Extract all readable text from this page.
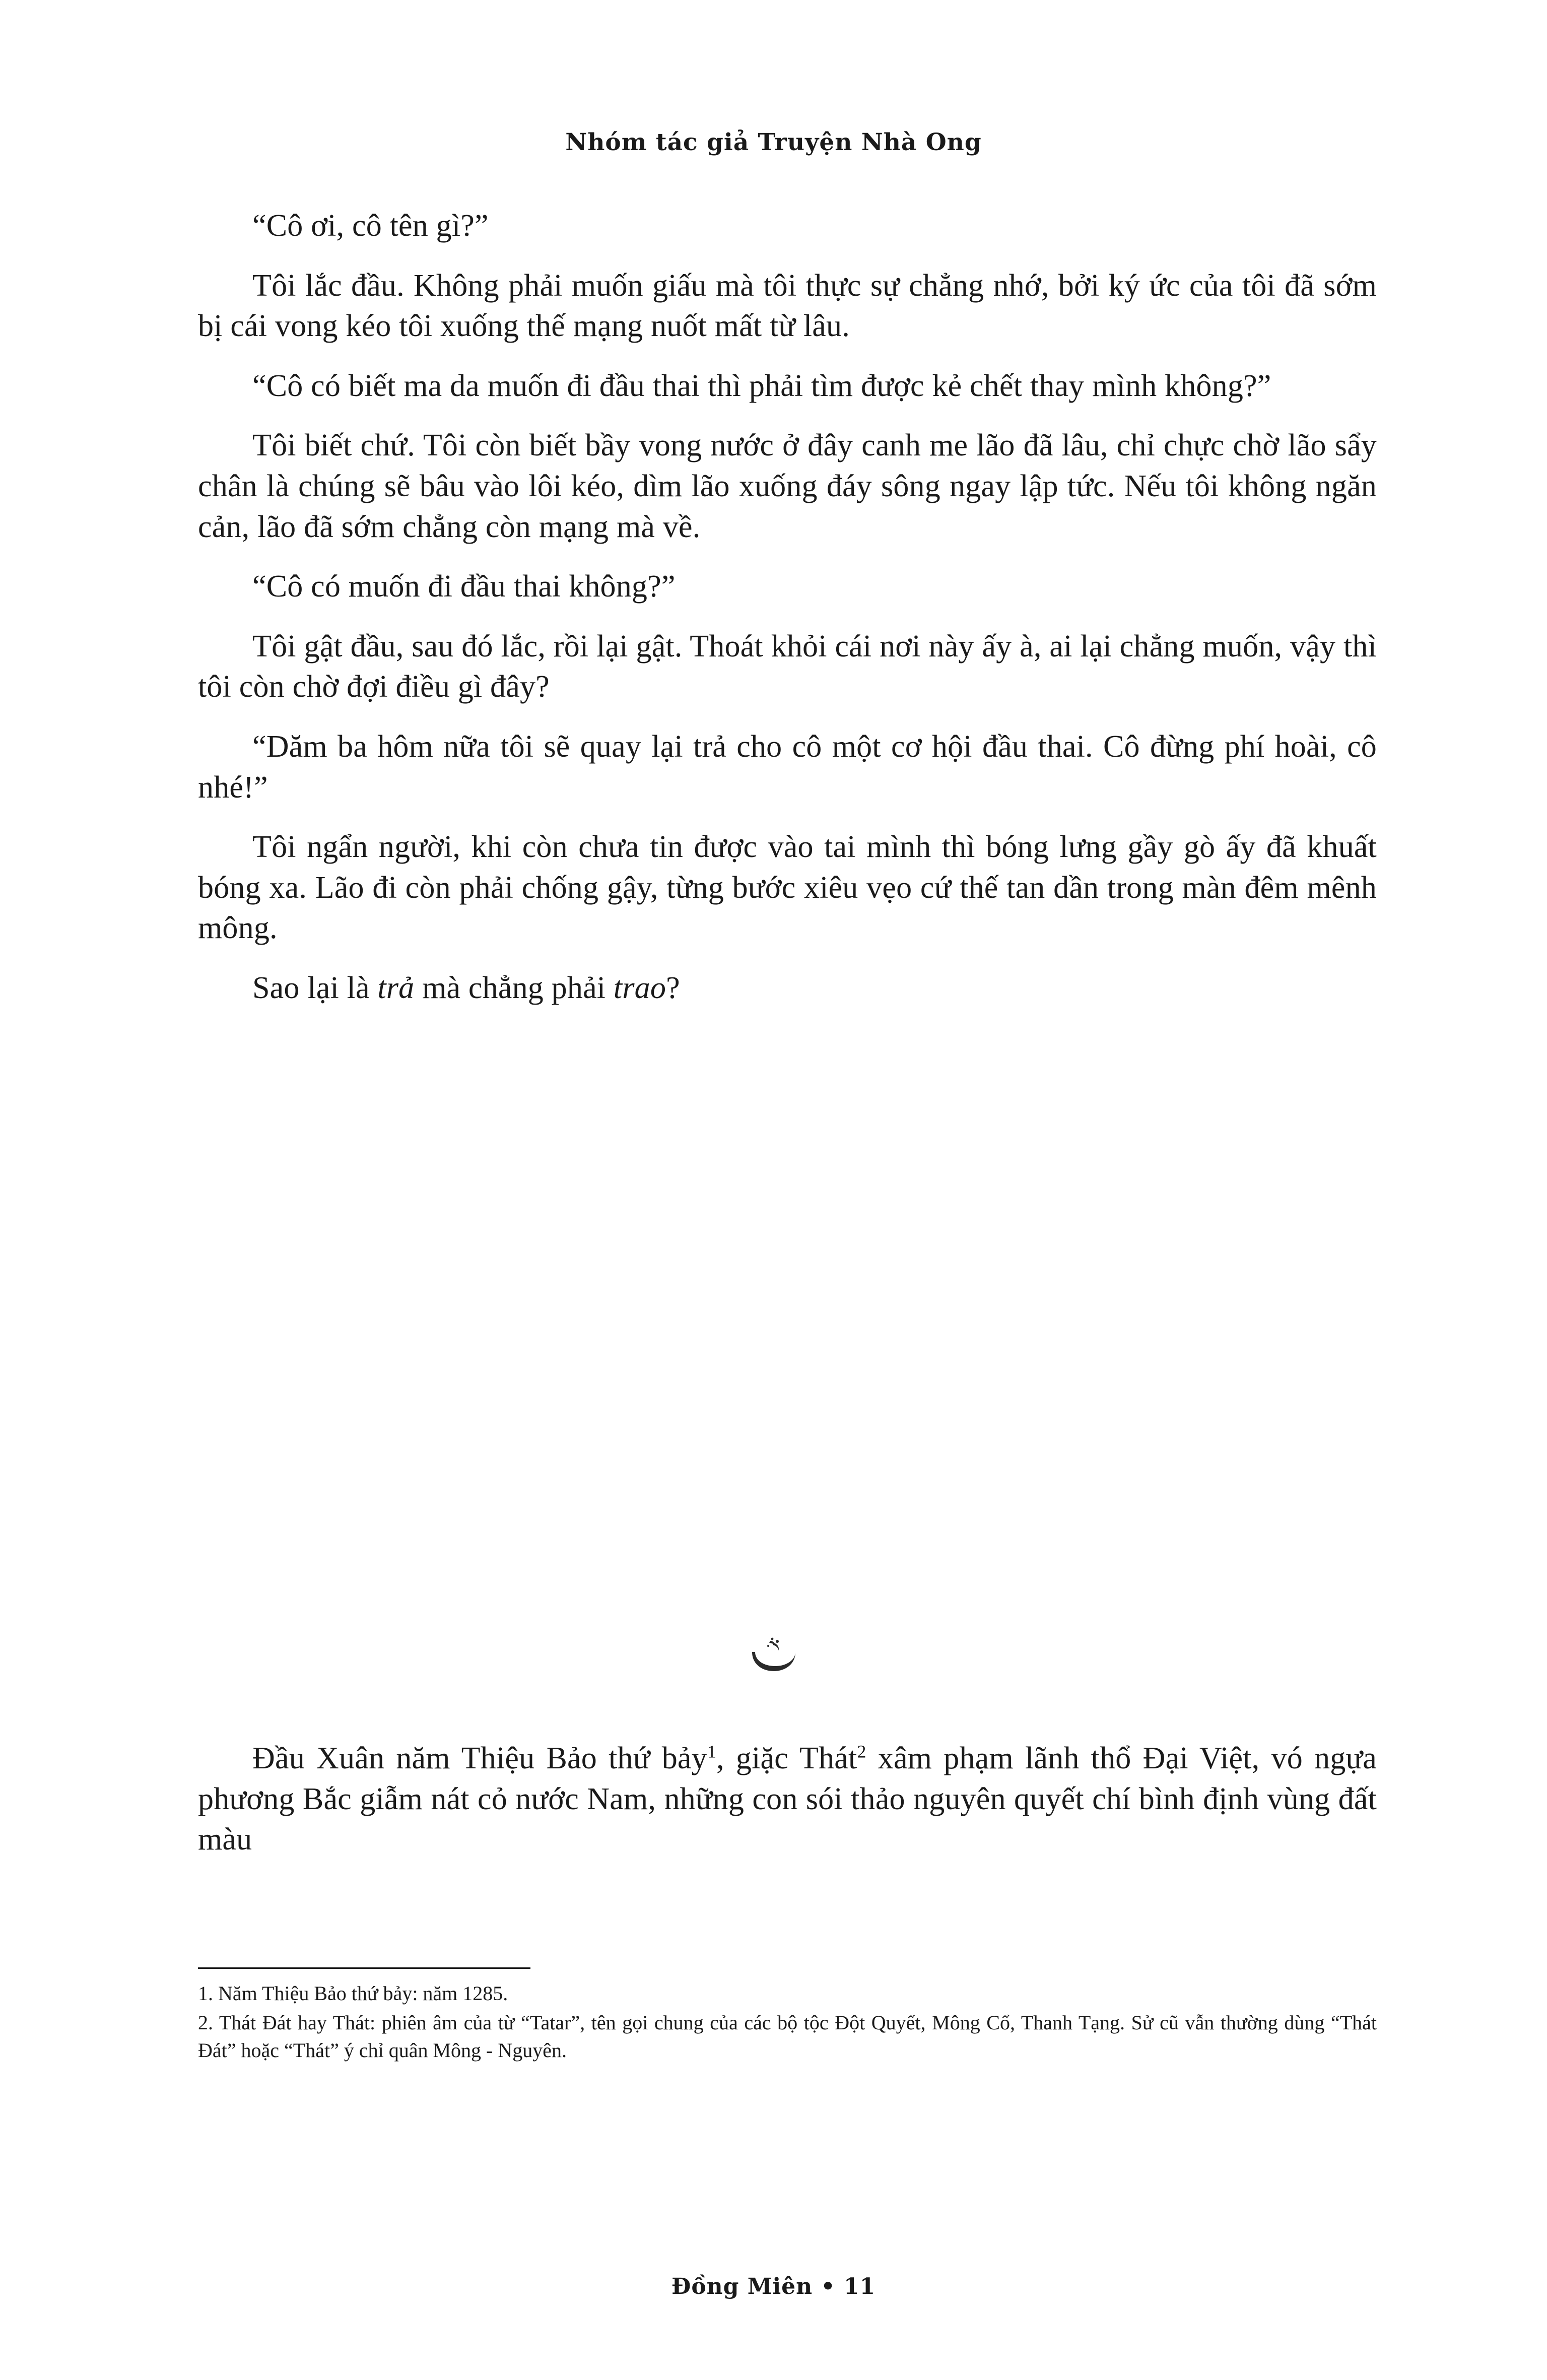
Nhóm tác giả Truyện Nhà Ong

“Cô ơi, cô tên gì?”

Tôi lắc đầu. Không phải muốn giấu mà tôi thực sự chẳng nhớ, bởi ký ức của tôi đã sớm bị cái vong kéo tôi xuống thế mạng nuốt mất từ lâu.

“Cô có biết ma da muốn đi đầu thai thì phải tìm được kẻ chết thay mình không?”

Tôi biết chứ. Tôi còn biết bầy vong nước ở đây canh me lão đã lâu, chỉ chực chờ lão sẩy chân là chúng sẽ bâu vào lôi kéo, dìm lão xuống đáy sông ngay lập tức. Nếu tôi không ngăn cản, lão đã sớm chẳng còn mạng mà về.

“Cô có muốn đi đầu thai không?”

Tôi gật đầu, sau đó lắc, rồi lại gật. Thoát khỏi cái nơi này ấy à, ai lại chẳng muốn, vậy thì tôi còn chờ đợi điều gì đây?

“Dăm ba hôm nữa tôi sẽ quay lại trả cho cô một cơ hội đầu thai. Cô đừng phí hoài, cô nhé!”

Tôi ngẩn người, khi còn chưa tin được vào tai mình thì bóng lưng gầy gò ấy đã khuất bóng xa. Lão đi còn phải chống gậy, từng bước xiêu vẹo cứ thế tan dần trong màn đêm mênh mông.

Sao lại là trả mà chẳng phải trao?

Đầu Xuân năm Thiệu Bảo thứ bảy$^1$, giặc Thát$^2$ xâm phạm lãnh thổ Đại Việt, vó ngựa phương Bắc giẫm nát cỏ nước Nam, những con sói thảo nguyên quyết chí bình định vùng đất màu

1. Năm Thiệu Bảo thứ bảy: năm 1285.

2. Thát Đát hay Thát: phiên âm của từ “Tatar”, tên gọi chung của các bộ tộc Đột Quyết, Mông Cổ, Thanh Tạng. Sử cũ vẫn thường dùng “Thát Đát” hoặc “Thát” ý chỉ quân Mông - Nguyên.

Đồng Miên • 11
